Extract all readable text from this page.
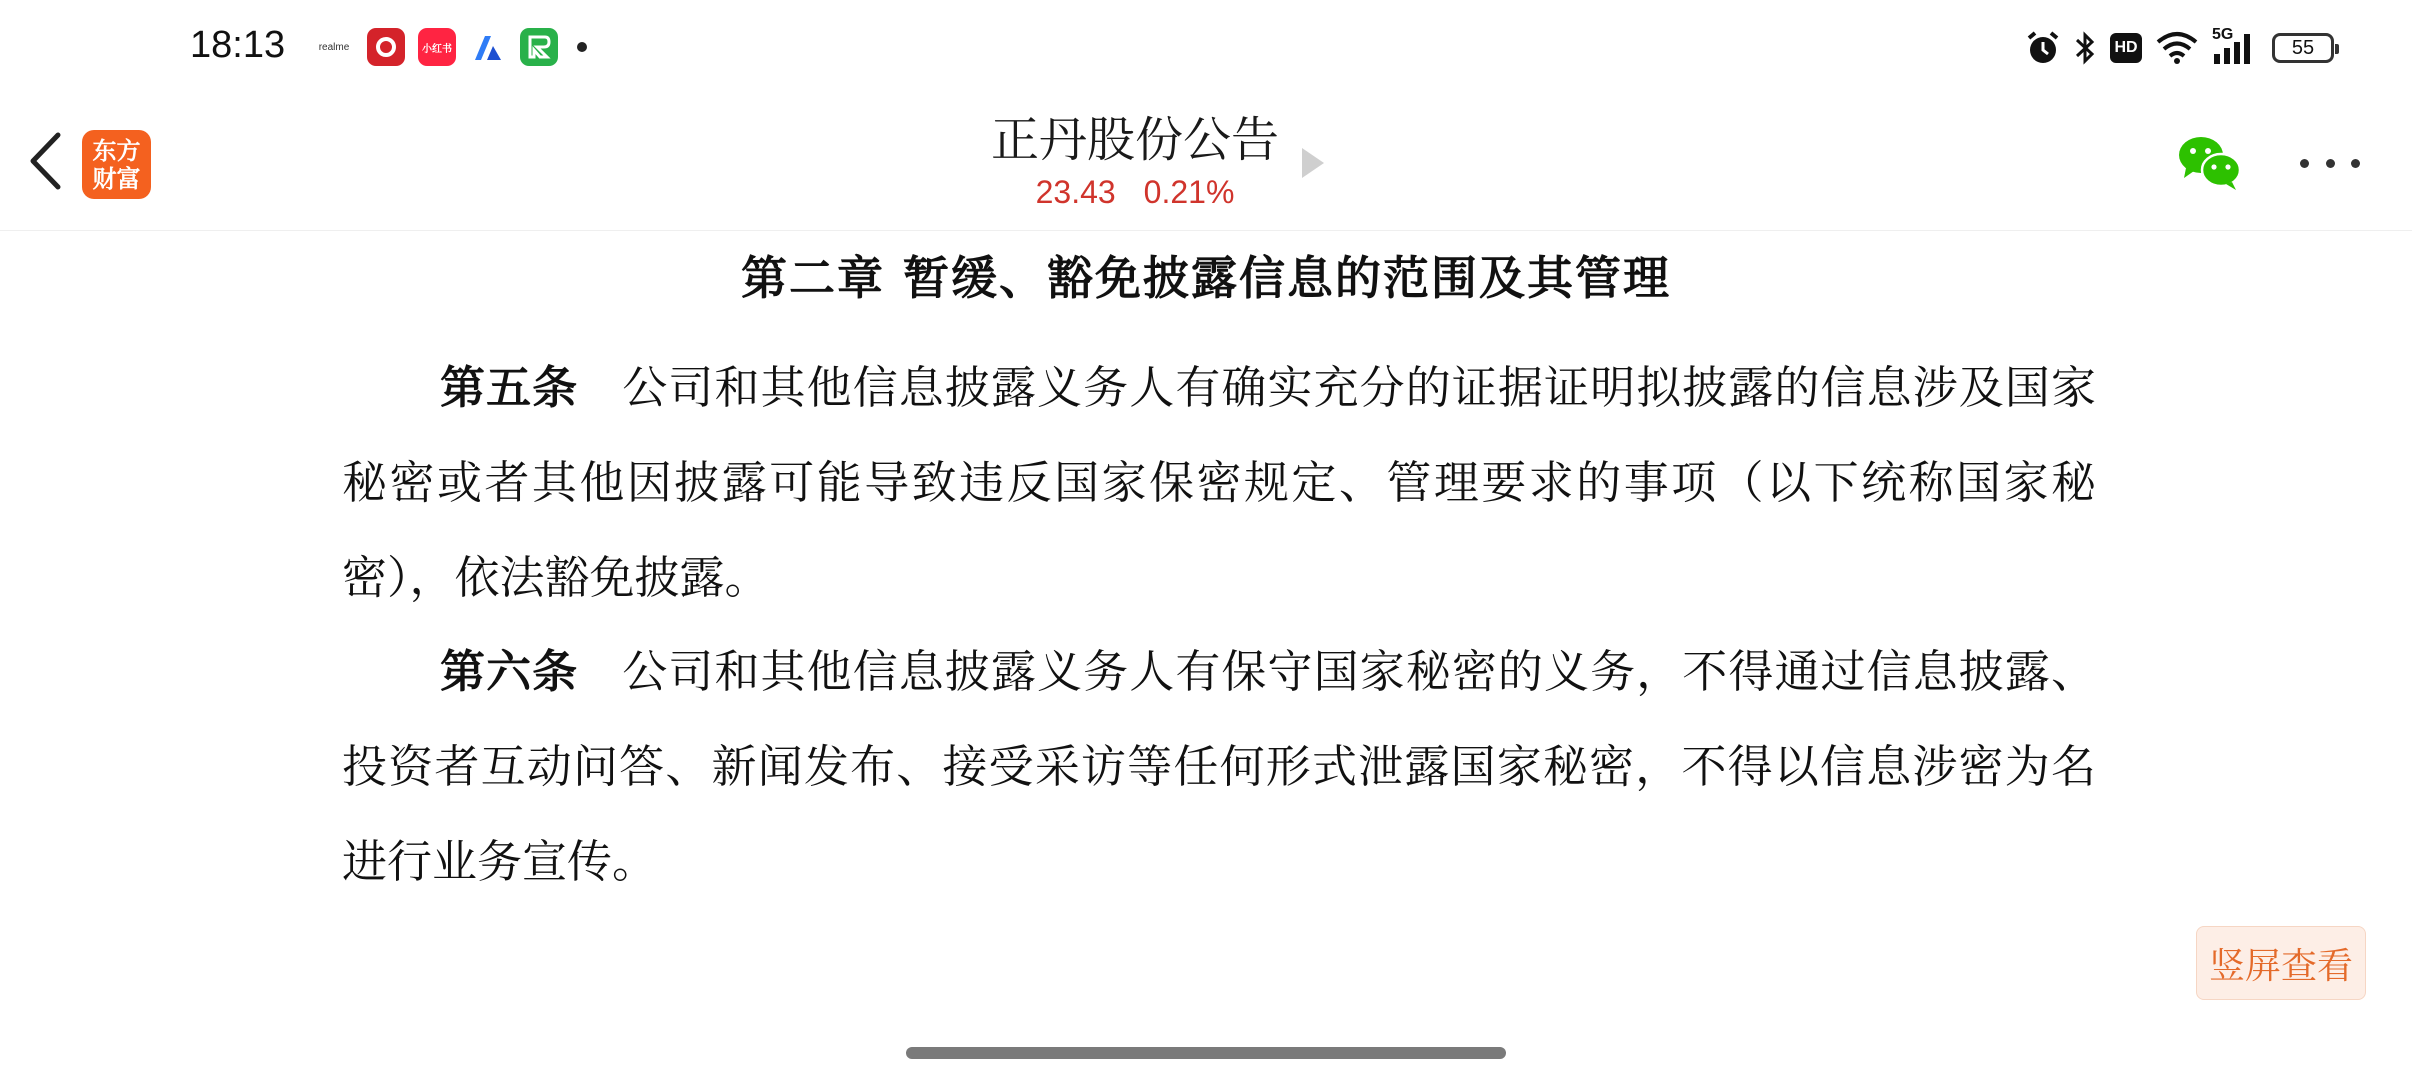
18:13	realme	小红书	HD
5G
55
东方
财富
正丹股份公告
23.43 0.21%
第二章 暂缓、豁免披露信息的范围及其管理
第五条 公司和其他信息披露义务人有确实充分的证据证明拟披露的信息涉及国家秘密或者其他因披露可能导致违反国家保密规定、管理要求的事项（以下统称国家秘密），依法豁免披露。
第六条 公司和其他信息披露义务人有保守国家秘密的义务，不得通过信息披露、投资者互动问答、新闻发布、接受采访等任何形式泄露国家秘密，不得以信息涉密为名进行业务宣传。
竖屏查看
